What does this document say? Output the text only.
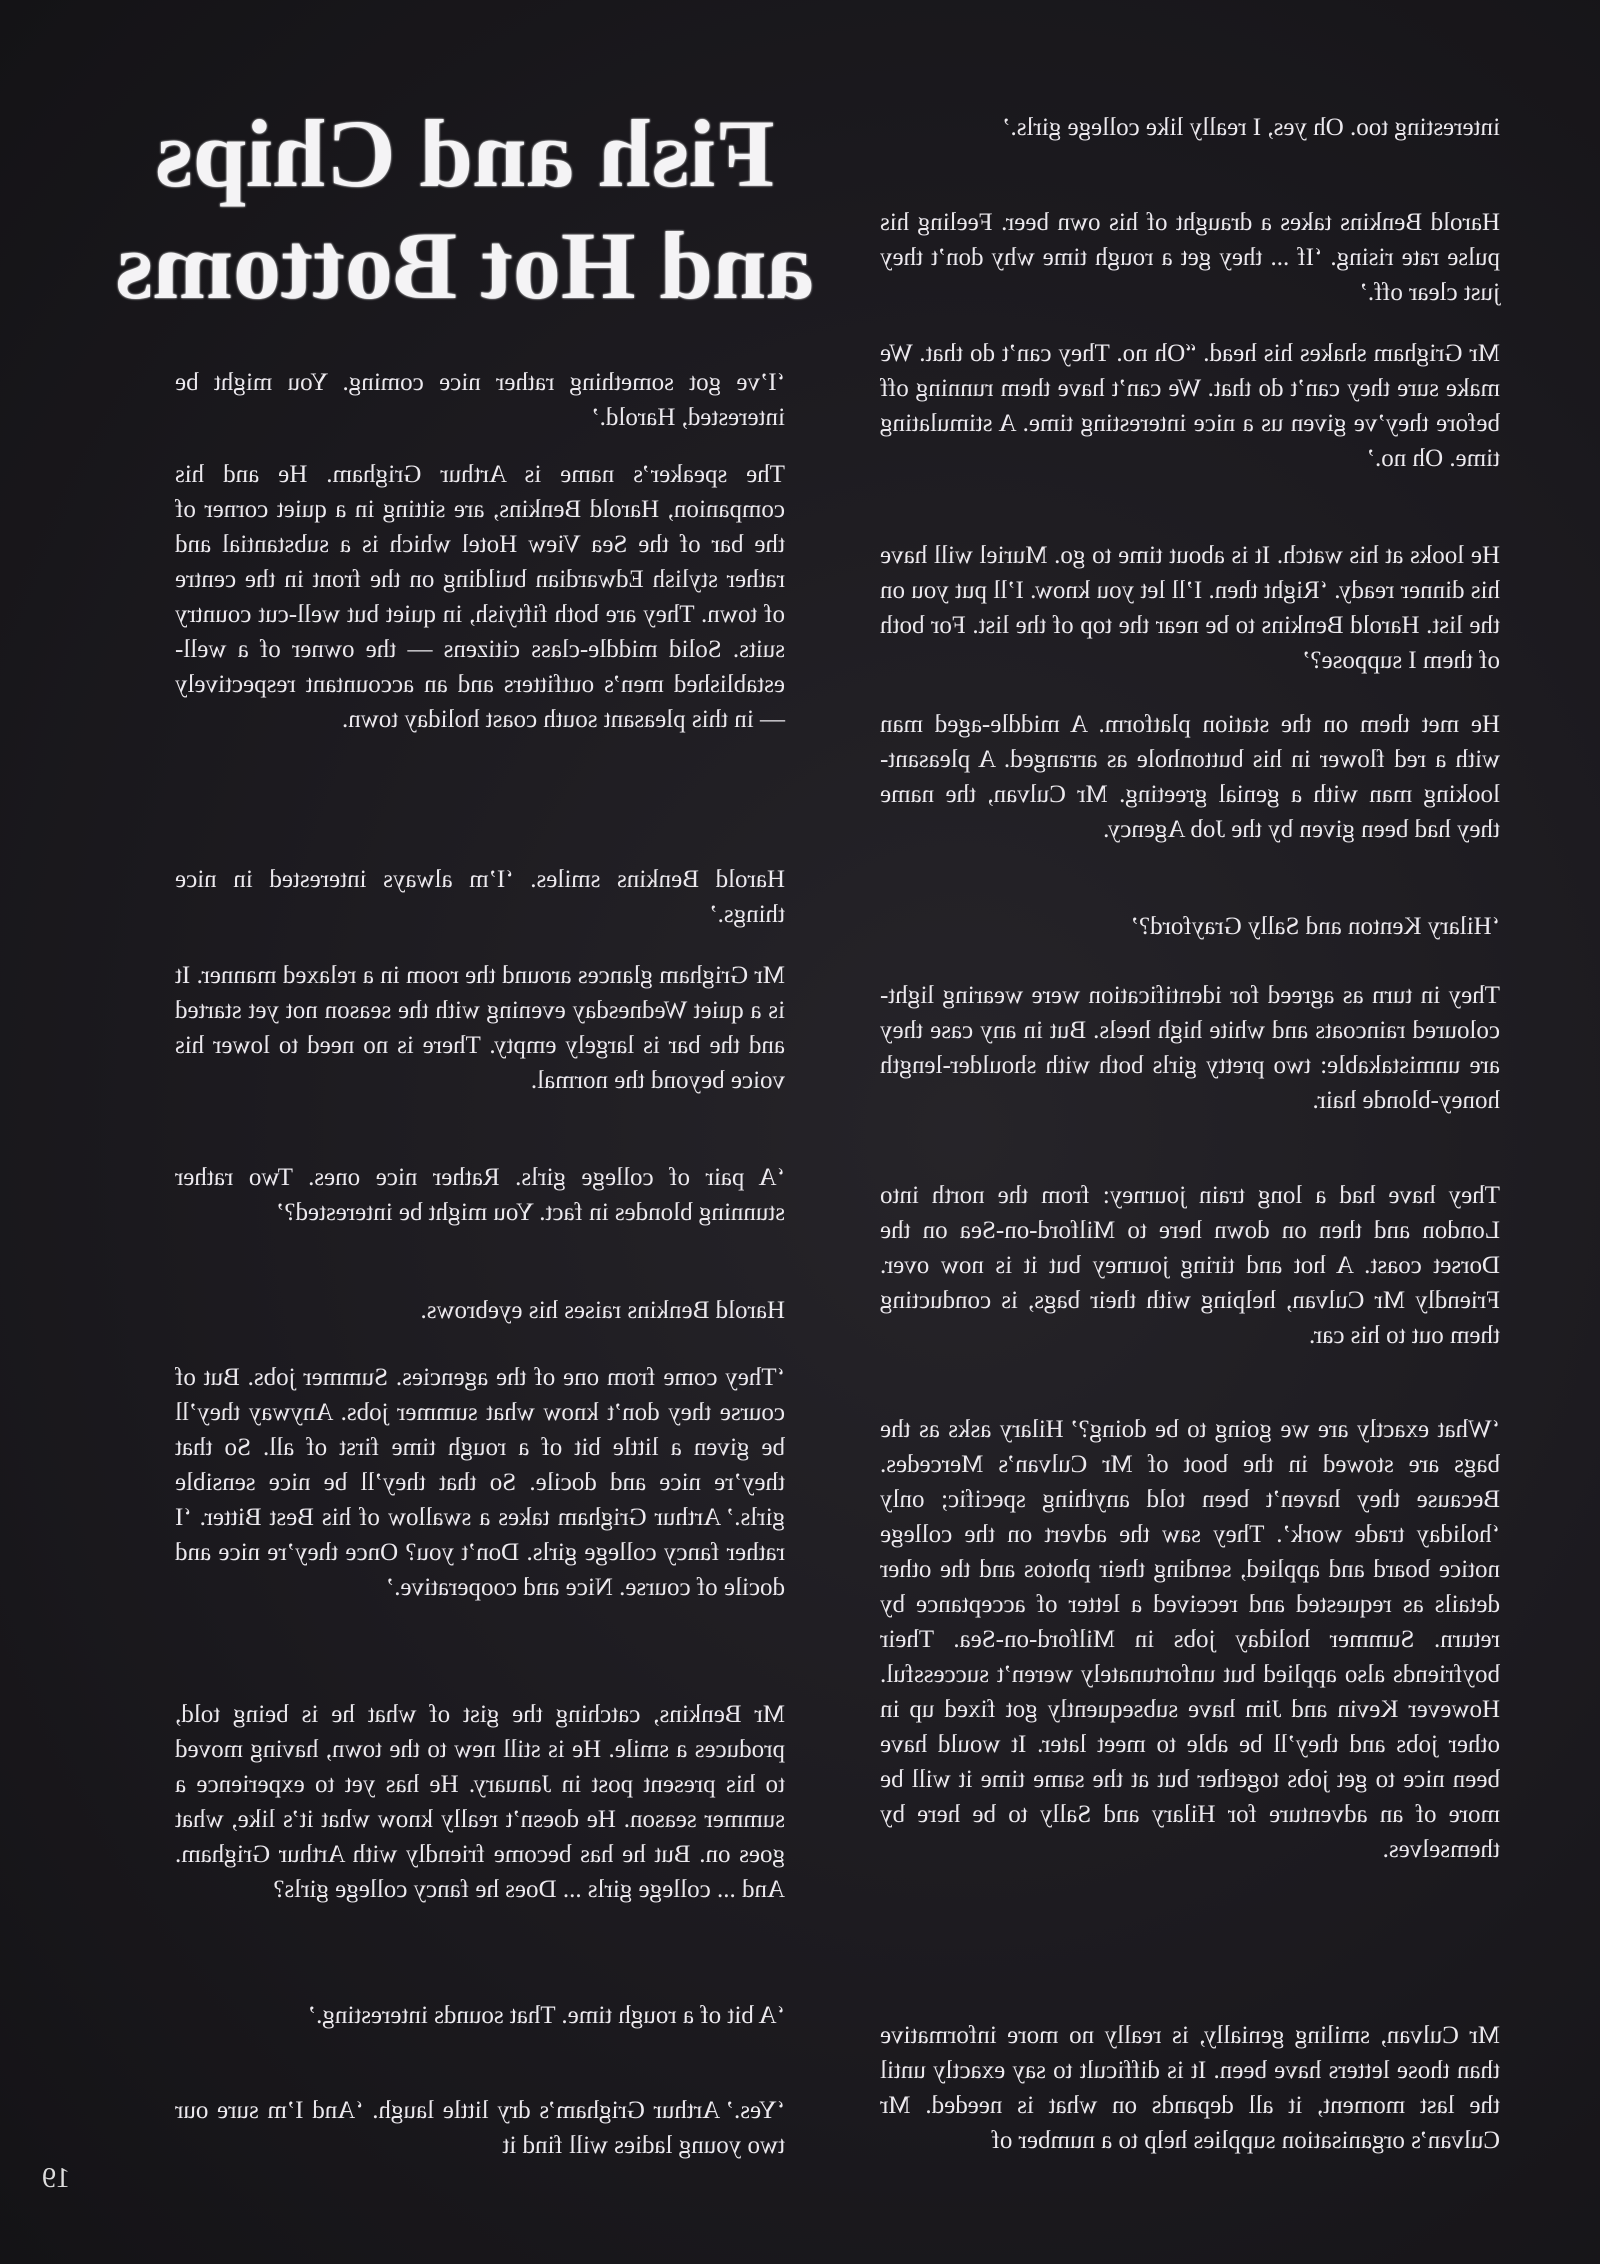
Fish and Chips
and Hot Bottoms

‘I’ve got something rather nice coming. You might be interested, Harold.’

The speaker’s name is Arthur Grigham. He and his companion, Harold Benkins, are sitting in a quiet corner of the bar of the Sea View Hotel which is a substantial and rather stylish Edwardian building on the front in the centre of town. They are both fiftyish, in quiet but well-cut country suits. Solid middle-class citizens — the owner of a well-established men’s outfitters and an accountant respectively — in this pleasant south coast holiday town.

Harold Benkins smiles. ‘I’m always interested in nice things.’

Mr Grigham glances around the room in a relaxed manner. It is a quiet Wednesday evening with the season not yet started and the bar is largely empty. There is no need to lower his voice beyond the normal.

‘A pair of college girls. Rather nice ones. Two rather stunning blondes in fact. You might be interested?’

Harold Benkins raises his eyebrows.

‘They come from one of the agencies. Summer jobs. But of course they don’t know what summer jobs. Anyway they’ll be given a little bit of a rough time first of all. So that they’re nice and docile. So that they’ll be nice sensible girls.’ Arthur Grigham takes a swallow of his Best Bitter. ‘I rather fancy college girls. Don’t you? Once they’re nice and docile of course. Nice and cooperative.’

Mr Benkins, catching the gist of what he is being told, produces a smile. He is still new to the town, having moved to his present post in January. He has yet to experience a summer season. He doesn’t really know what it’s like, what goes on. But he has become friendly with Arthur Grigham. And ... college girls ... Does he fancy college girls?

‘A bit of a rough time. That sounds interesting.’

‘Yes.’ Arthur Grigham’s dry little laugh. ‘And I’m sure our two young ladies will find it

interesting too. Oh yes, I really like college girls.’

Harold Benkins takes a draught of his own beer. Feeling his pulse rate rising. ‘If ... they get a rough time why don’t they just clear off.’

Mr Grigham shakes his head. “Oh no. They can’t do that. We make sure they can’t do that. We can’t have them running off before they’ve given us a nice interesting time. A stimulating time. Oh no.’

He looks at his watch. It is about time to go. Muriel will have his dinner ready. ‘Right then. I’ll let you know. I’ll put you on the list. Harold Benkins to be near the top of the list. For both of them I suppose?’

He met them on the station platform. A middle-aged man with a red flower in his buttonhole as arranged. A pleasant-looking man with a genial greeting. Mr Culvan, the name they had been given by the Job Agency.

‘Hilary Kenton and Sally Grayford?’

They in turn as agreed for identification were wearing light-coloured raincoats and white high heels. But in any case they are unmistakable: two pretty girls both with shoulder-length honey-blonde hair.

They have had a long train journey: from the north into London and then on down here to Milford-on-Sea on the Dorset coast. A hot and tiring journey but it is now over. Friendly Mr Culvan, helping with their bags, is conducting them out to his car.

‘What exactly are we going to be doing?’ Hilary asks as the bags are stowed in the boot of Mr Culvan’s Mercedes. Because they haven’t been told anything specific; only ‘holiday trade work’. They saw the advert on the college notice board and applied, sending their photos and the other details as requested and received a letter of acceptance by return. Summer holiday jobs in Milford-on-Sea. Their boyfriends also applied but unfortunately weren’t successful. However Kevin and Jim have subsequently got fixed up in other jobs and they’ll be able to meet later. It would have been nice to get jobs together but at the same time it will be more of an adventure for Hilary and Sally to be here by themselves.

Mr Culvan, smiling genially, is really no more informative than those letters have been. It is difficult to say exactly until the last moment, it all depands on what is needed. Mr Culvan’s organisation supplies help to a number of

19
